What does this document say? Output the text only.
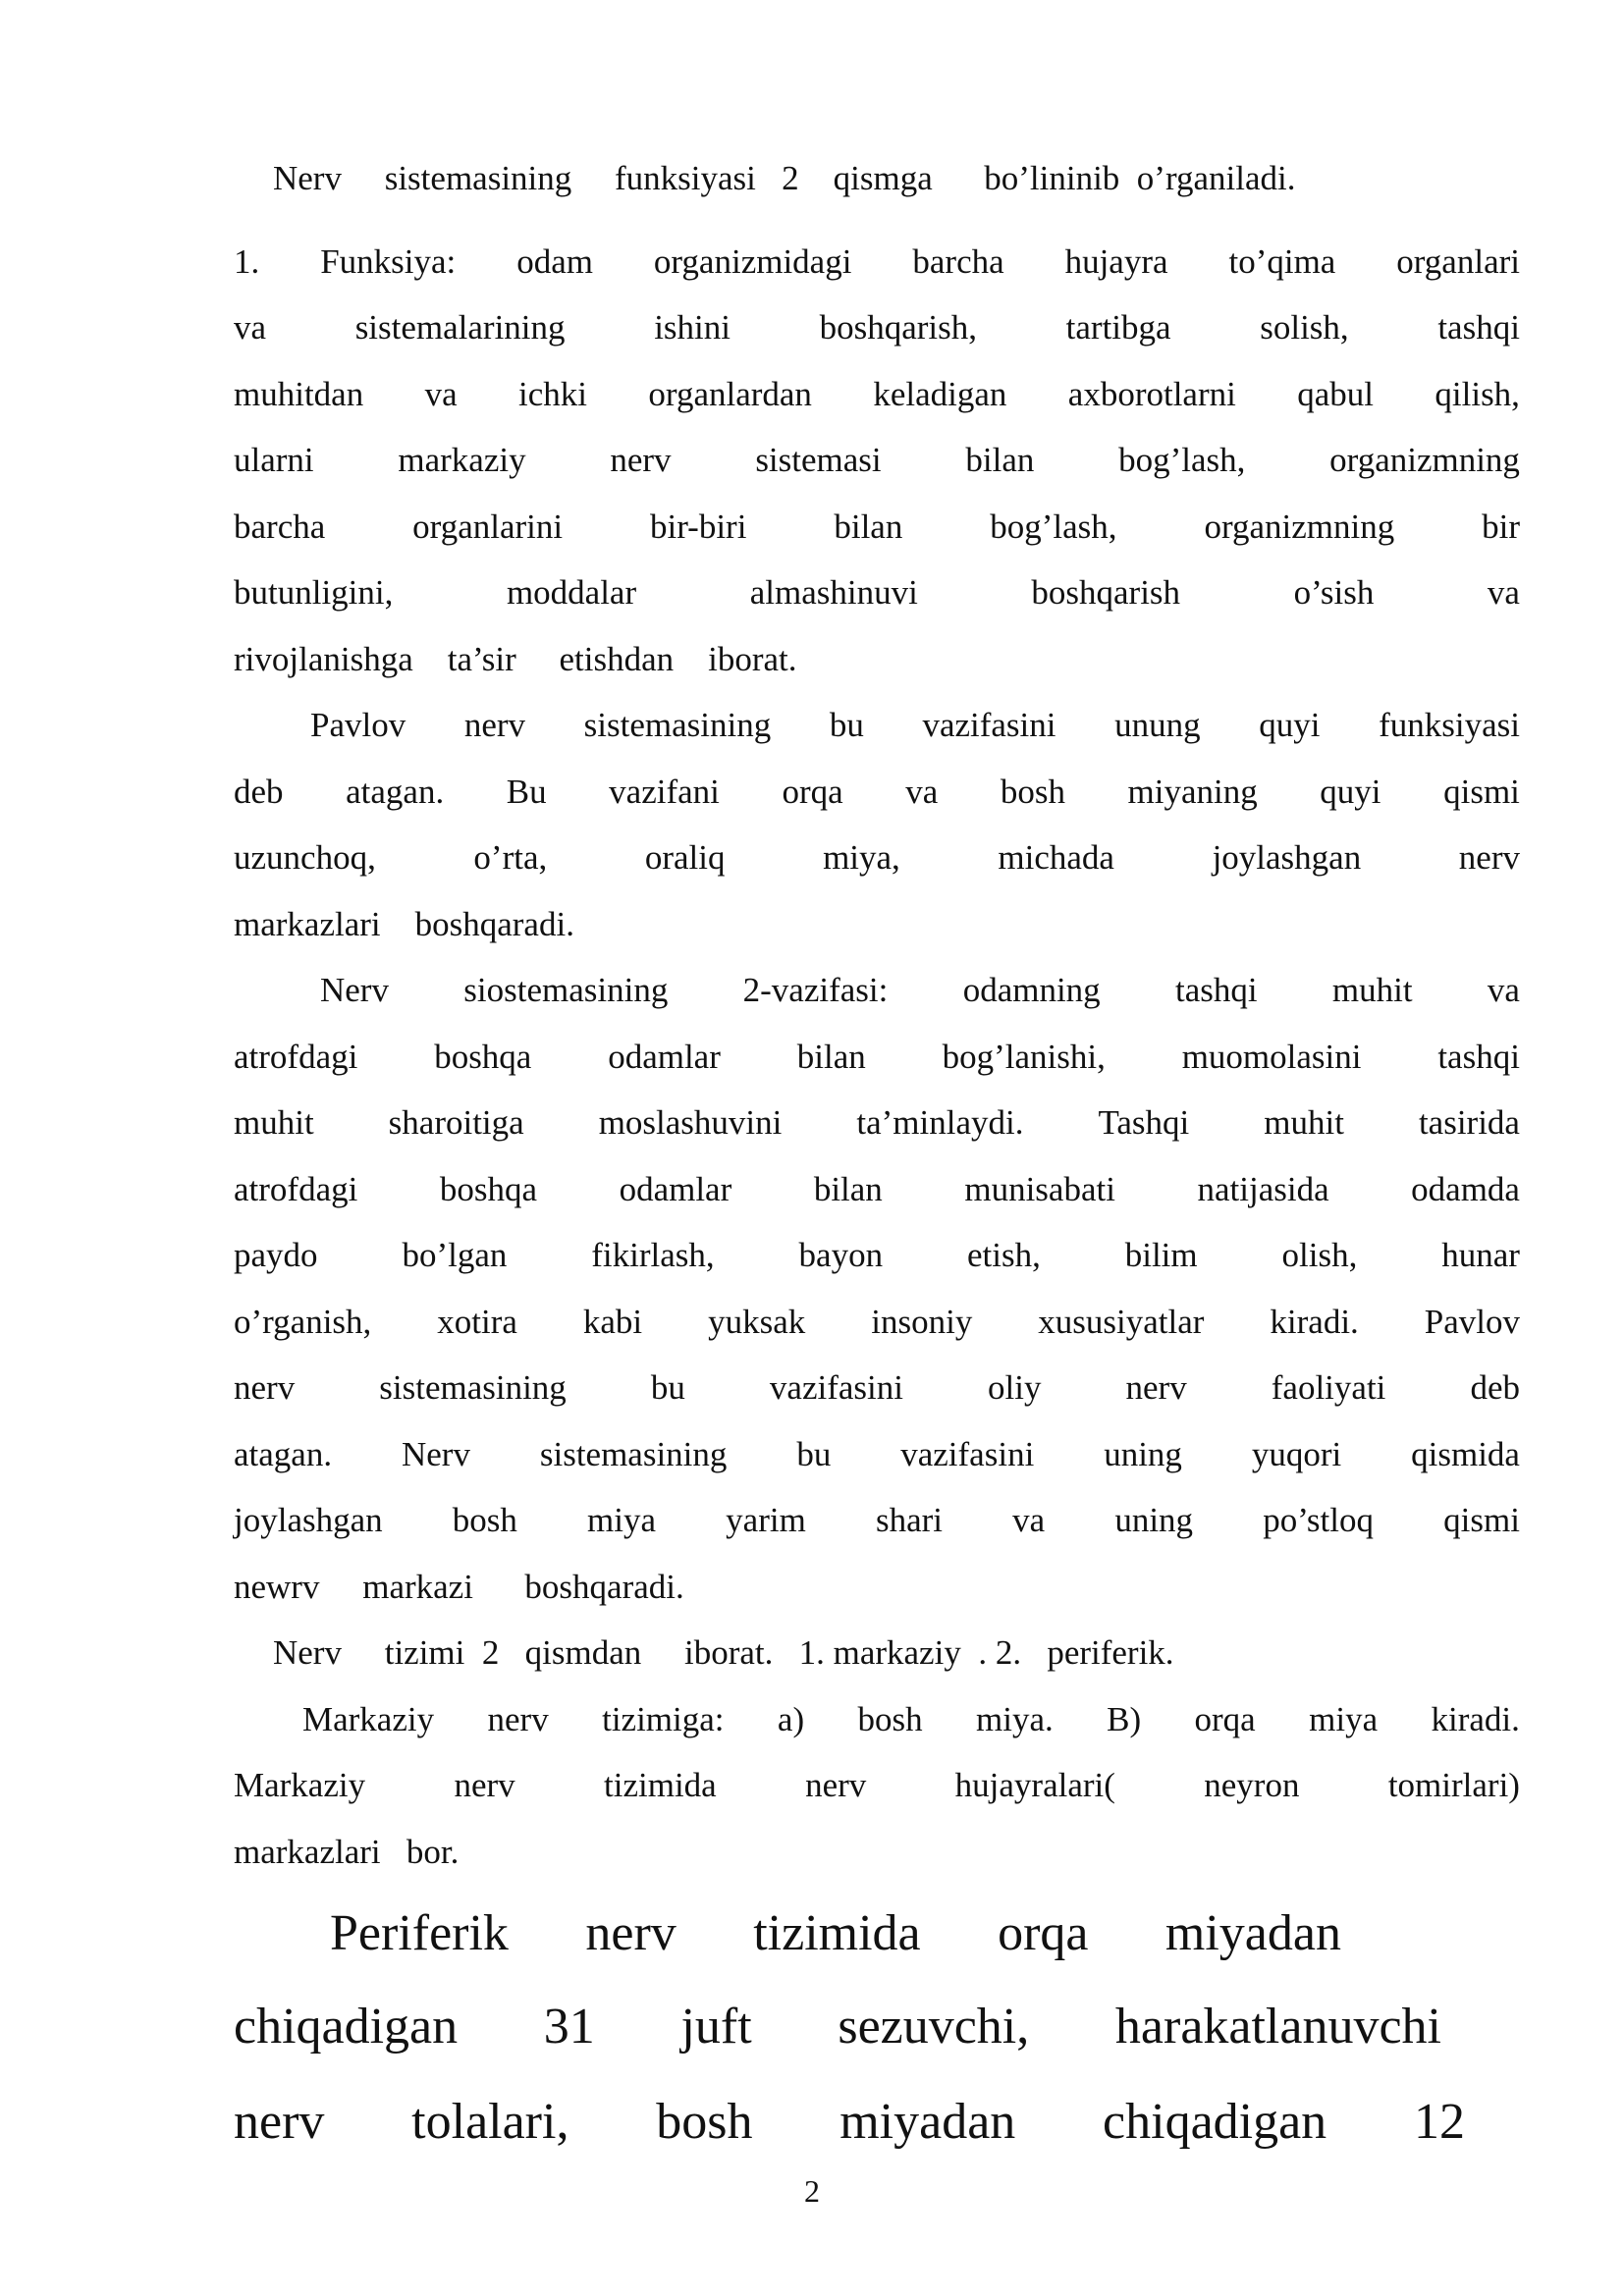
Nerv     sistemasining     funksiyasi   2    qismga      bo’lininib  o’rganiladi.
1. Funksiya: odam organizmidagi barcha hujayra to’qima organlari
va	sistemalarining	ishini	boshqarish,	tartibga	solish,	tashqi
muhitdan va ichki organlardan keladigan axborotlarni qabul qilish,
ularni markaziy nerv sistemasi bilan bog’lash, organizmning
barcha	organlarini	bir-biri	bilan	bog’lash,	organizmning	bir
butunligini,	moddalar	almashinuvi	boshqarish	o’sish	va
rivojlanishga    ta’sir     etishdan    iborat.
Pavlov nerv sistemasining bu vazifasini unung quyi funksiyasi
deb atagan. Bu vazifani orqa va bosh miyaning quyi qismi
uzunchoq,	o’rta,	oraliq	miya,	michada	joylashgan	nerv
markazlari    boshqaradi.
Nerv siostemasining 2-vazifasi: odamning tashqi muhit va
atrofdagi boshqa odamlar bilan bog’lanishi, muomolasini tashqi
muhit sharoitiga moslashuvini ta’minlaydi. Tashqi muhit tasirida
atrofdagi boshqa odamlar bilan munisabati natijasida odamda
paydo bo’lgan fikirlash, bayon etish, bilim olish, hunar
o’rganish, xotira kabi yuksak insoniy xususiyatlar kiradi. Pavlov
nerv sistemasining bu vazifasini oliy nerv faoliyati deb
atagan. Nerv sistemasining bu vazifasini uning yuqori qismida
joylashgan bosh miya yarim shari va uning po’stloq qismi
newrv     markazi      boshqaradi.
Nerv     tizimi  2   qismdan     iborat.   1. markaziy  . 2.   periferik.
Markaziy nerv tizimiga: a) bosh miya. B) orqa miya kiradi.
Markaziy	nerv	tizimida	nerv	hujayralari(	neyron	tomirlari)
markazlari   bor.
Periferik nerv tizimida orqa miyadan
chiqadigan 31 juft sezuvchi, harakatlanuvchi
nerv tolalari, bosh miyadan chiqadigan 12
2
